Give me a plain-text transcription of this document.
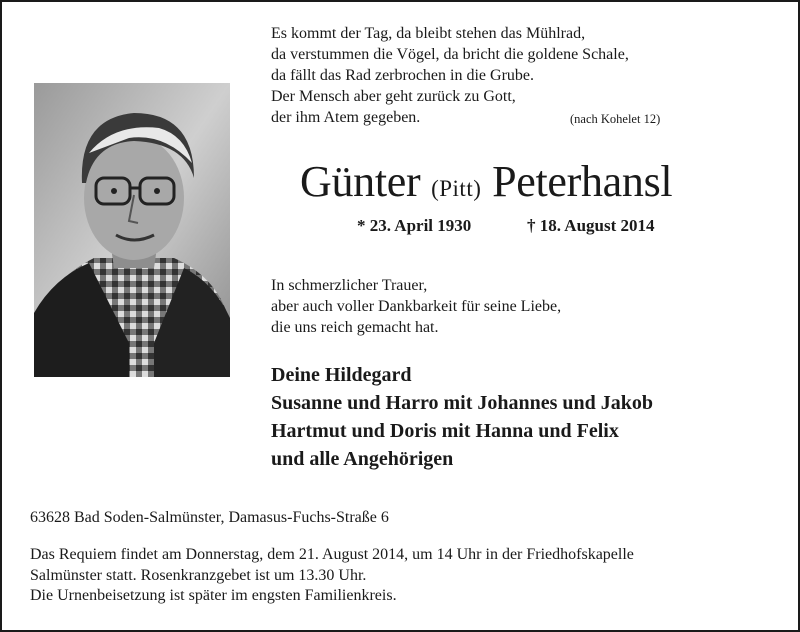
Es kommt der Tag, da bleibt stehen das Mühlrad,
da verstummen die Vögel, da bricht die goldene Schale,
da fällt das Rad zerbrochen in die Grube.
Der Mensch aber geht zurück zu Gott,
der ihm Atem gegeben.	(nach Kohelet 12)
Günter (Pitt) Peterhansl
* 23. April 1930	† 18. August 2014
In schmerzlicher Trauer,
aber auch voller Dankbarkeit für seine Liebe,
die uns reich gemacht hat.
Deine Hildegard
Susanne und Harro mit Johannes und Jakob
Hartmut und Doris mit Hanna und Felix
und alle Angehörigen
63628 Bad Soden-Salmünster, Damasus-Fuchs-Straße 6
Das Requiem findet am Donnerstag, dem 21. August 2014, um 14 Uhr in der Friedhofskapelle
Salmünster statt. Rosenkranzgebet ist um 13.30 Uhr.
Die Urnenbeisetzung ist später im engsten Familienkreis.
